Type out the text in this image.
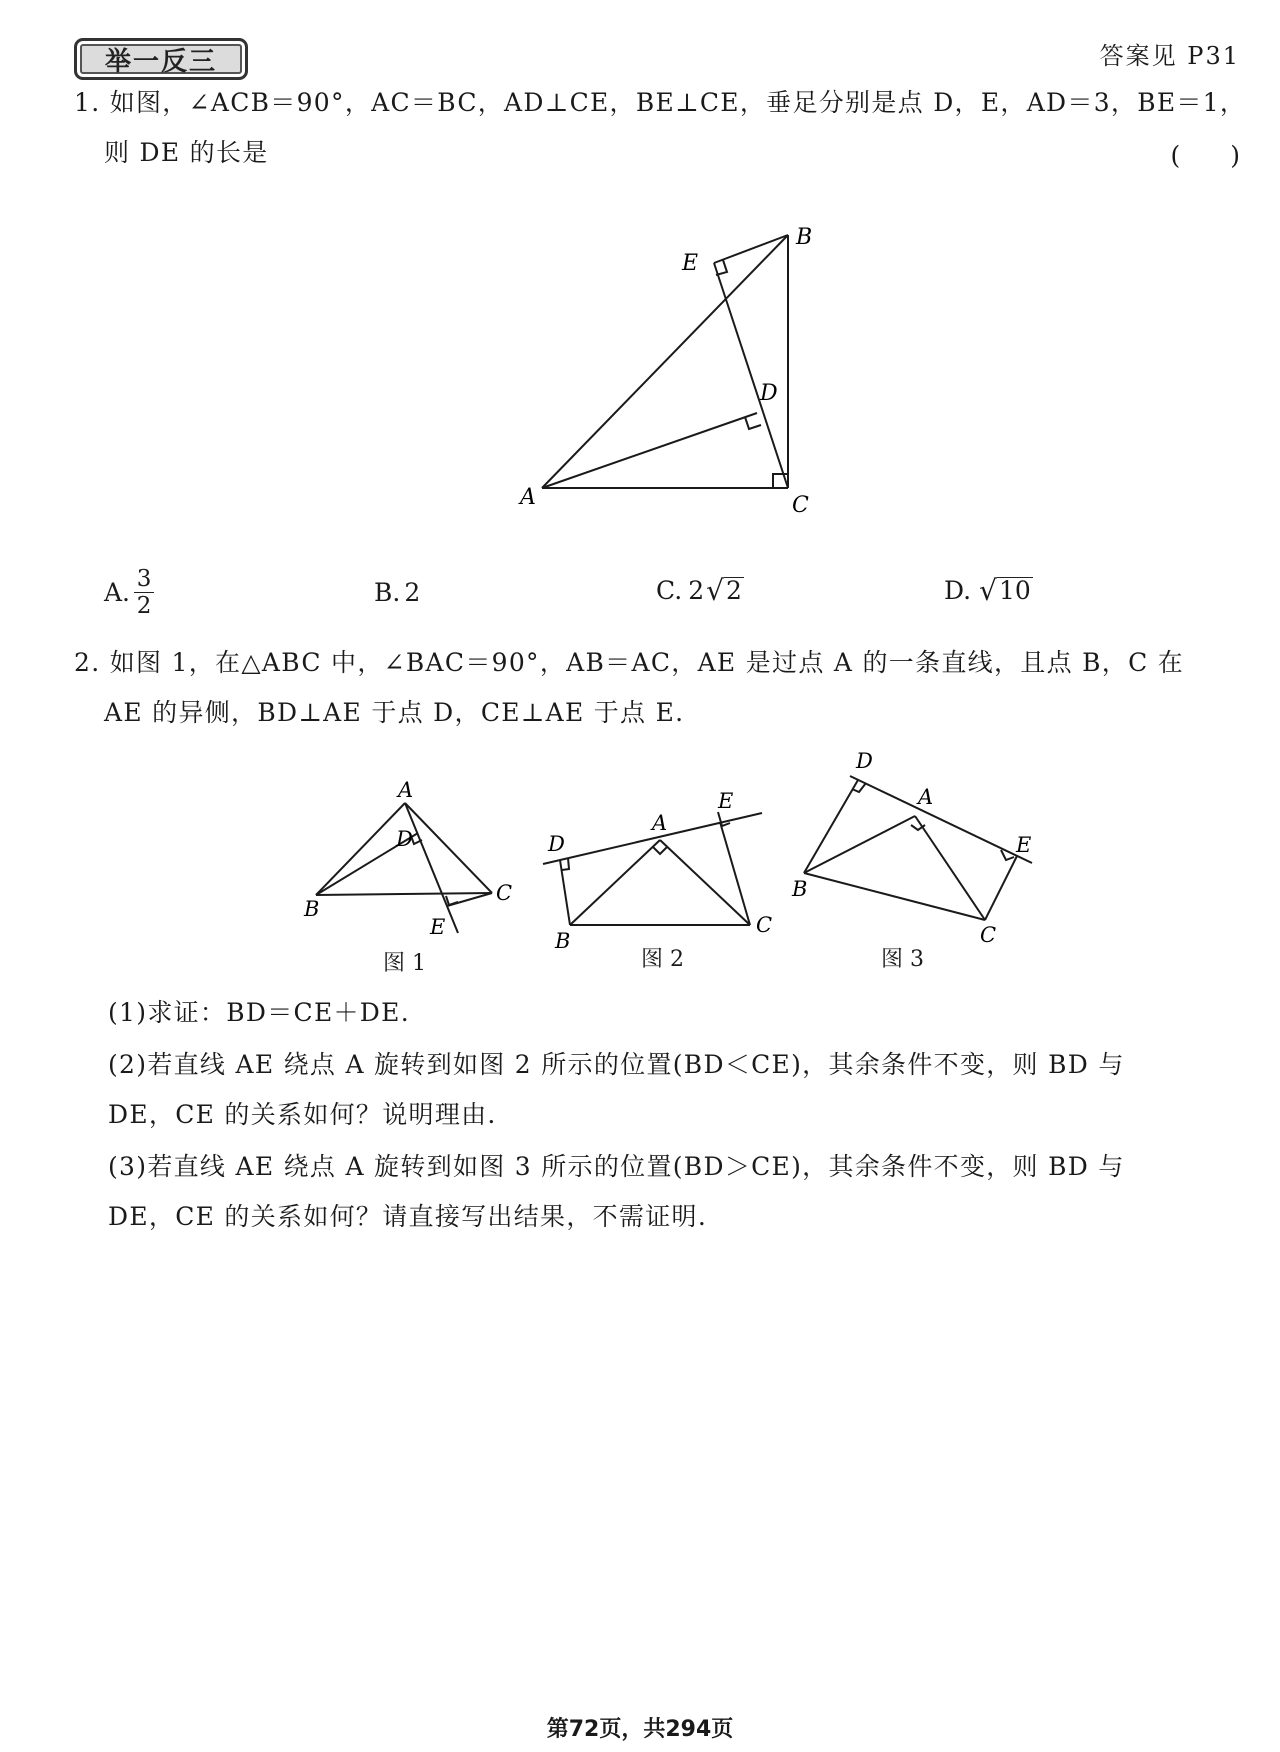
举一反三	答案见 P31
1. 如图，∠ACB＝90°，AC＝BC，AD⊥CE，BE⊥CE，垂足分别是点 D，E，AD＝3，BE＝1，
则 DE 的长是	(　　)
A
B
C
D
E
A. $\frac{3}{2}$	B. 2	C. 2 √ 2	D. √ 10
2. 如图 1，在△ABC 中，∠BAC＝90°，AB＝AC，AE 是过点 A 的一条直线，且点 B，C 在
AE 的异侧，BD⊥AE 于点 D，CE⊥AE 于点 E.
A
D
B
C
E
D
A
E
B
C
D
A
E
B
C
图 1	图 2	图 3
(1)求证：BD＝CE＋DE.
(2)若直线 AE 绕点 A 旋转到如图 2 所示的位置(BD＜CE)，其余条件不变，则 BD 与
DE，CE 的关系如何？说明理由.
(3)若直线 AE 绕点 A 旋转到如图 3 所示的位置(BD＞CE)，其余条件不变，则 BD 与
DE，CE 的关系如何？请直接写出结果，不需证明.
第72页，共294页
